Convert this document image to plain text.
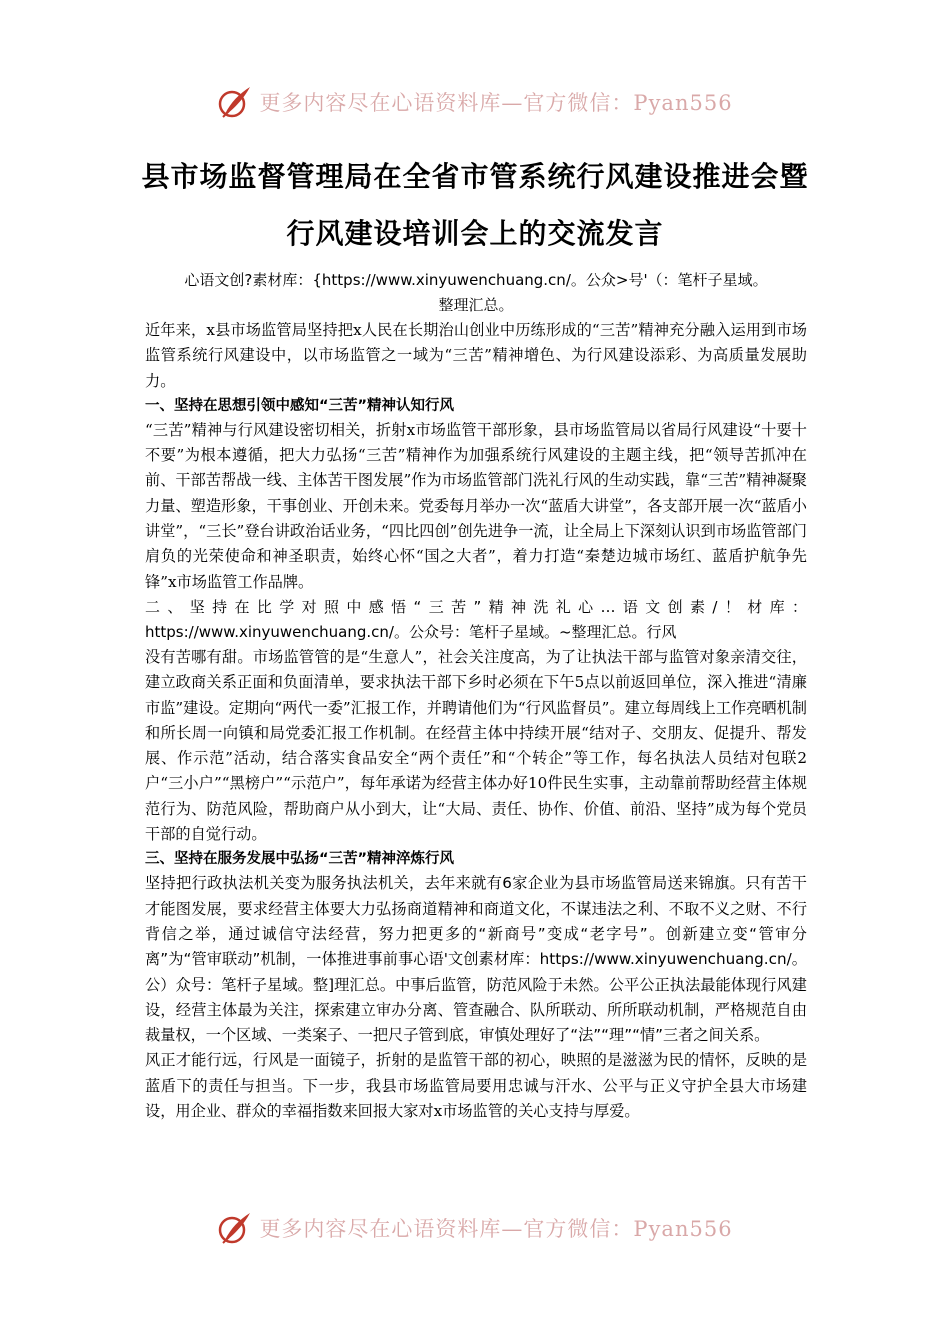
更多内容尽在心语资料库—官方微信：Pyan556
县市场监督管理局在全省市管系统行风建设推进会暨
行风建设培训会上的交流发言
心语文创?素材库：{https://www.xinyuwenchuang.cn/。公众>号'（：笔杆子星域。
整理汇总。
近年来，x县市场监管局坚持把x人民在长期治山创业中历练形成的“三苦”精神充分融入运用到市场监管系统行风建设中，以市场监管之一域为“三苦”精神增色、为行风建设添彩、为高质量发展助力。
一、坚持在思想引领中感知“三苦”精神认知行风
“三苦”精神与行风建设密切相关，折射x市场监管干部形象，县市场监管局以省局行风建设“十要十不要”为根本遵循，把大力弘扬“三苦”精神作为加强系统行风建设的主题主线，把“领导苦抓冲在前、干部苦帮战一线、主体苦干图发展”作为市场监管部门洗礼行风的生动实践，靠“三苦”精神凝聚力量、塑造形象，干事创业、开创未来。党委每月举办一次“蓝盾大讲堂”，各支部开展一次“蓝盾小讲堂”，“三长”登台讲政治话业务，“四比四创”创先进争一流，让全局上下深刻认识到市场监管部门肩负的光荣使命和神圣职责，始终心怀“国之大者”，着力打造“秦楚边城市场红、蓝盾护航争先锋”x市场监管工作品牌。
二、坚持在比学对照中感悟“三苦”精神洗礼心…语文创素/！材库：https://www.xinyuwenchuang.cn/。公众号：笔杆子星域。~整理汇总。行风
没有苦哪有甜。市场监管管的是“生意人”，社会关注度高，为了让执法干部与监管对象亲清交往，建立政商关系正面和负面清单，要求执法干部下乡时必须在下午5点以前返回单位，深入推进“清廉市监”建设。定期向“两代一委”汇报工作，并聘请他们为“行风监督员”。建立每周线上工作亮晒机制和所长周一向镇和局党委汇报工作机制。在经营主体中持续开展“结对子、交朋友、促提升、帮发展、作示范”活动，结合落实食品安全“两个责任”和“个转企”等工作，每名执法人员结对包联2户“三小户”“黑榜户”“示范户”，每年承诺为经营主体办好10件民生实事，主动靠前帮助经营主体规范行为、防范风险，帮助商户从小到大，让“大局、责任、协作、价值、前沿、坚持”成为每个党员干部的自觉行动。
三、坚持在服务发展中弘扬“三苦”精神淬炼行风
坚持把行政执法机关变为服务执法机关，去年来就有6家企业为县市场监管局送来锦旗。只有苦干才能图发展，要求经营主体要大力弘扬商道精神和商道文化，不谋违法之利、不取不义之财、不行背信之举，通过诚信守法经营，努力把更多的“新商号”变成“老字号”。创新建立变“管审分离”为“管审联动”机制，一体推进事前事心语'文创素材库：https://www.xinyuwenchuang.cn/。公）众号：笔杆子星域。整]理汇总。中事后监管，防范风险于未然。公平公正执法最能体现行风建设，经营主体最为关注，探索建立审办分离、管查融合、队所联动、所所联动机制，严格规范自由裁量权，一个区域、一类案子、一把尺子管到底，审慎处理好了“法”“理”“情”三者之间关系。
风正才能行远，行风是一面镜子，折射的是监管干部的初心，映照的是滋滋为民的情怀，反映的是蓝盾下的责任与担当。下一步，我县市场监管局要用忠诚与汗水、公平与正义守护全县大市场建设，用企业、群众的幸福指数来回报大家对x市场监管的关心支持与厚爱。
更多内容尽在心语资料库—官方微信：Pyan556
